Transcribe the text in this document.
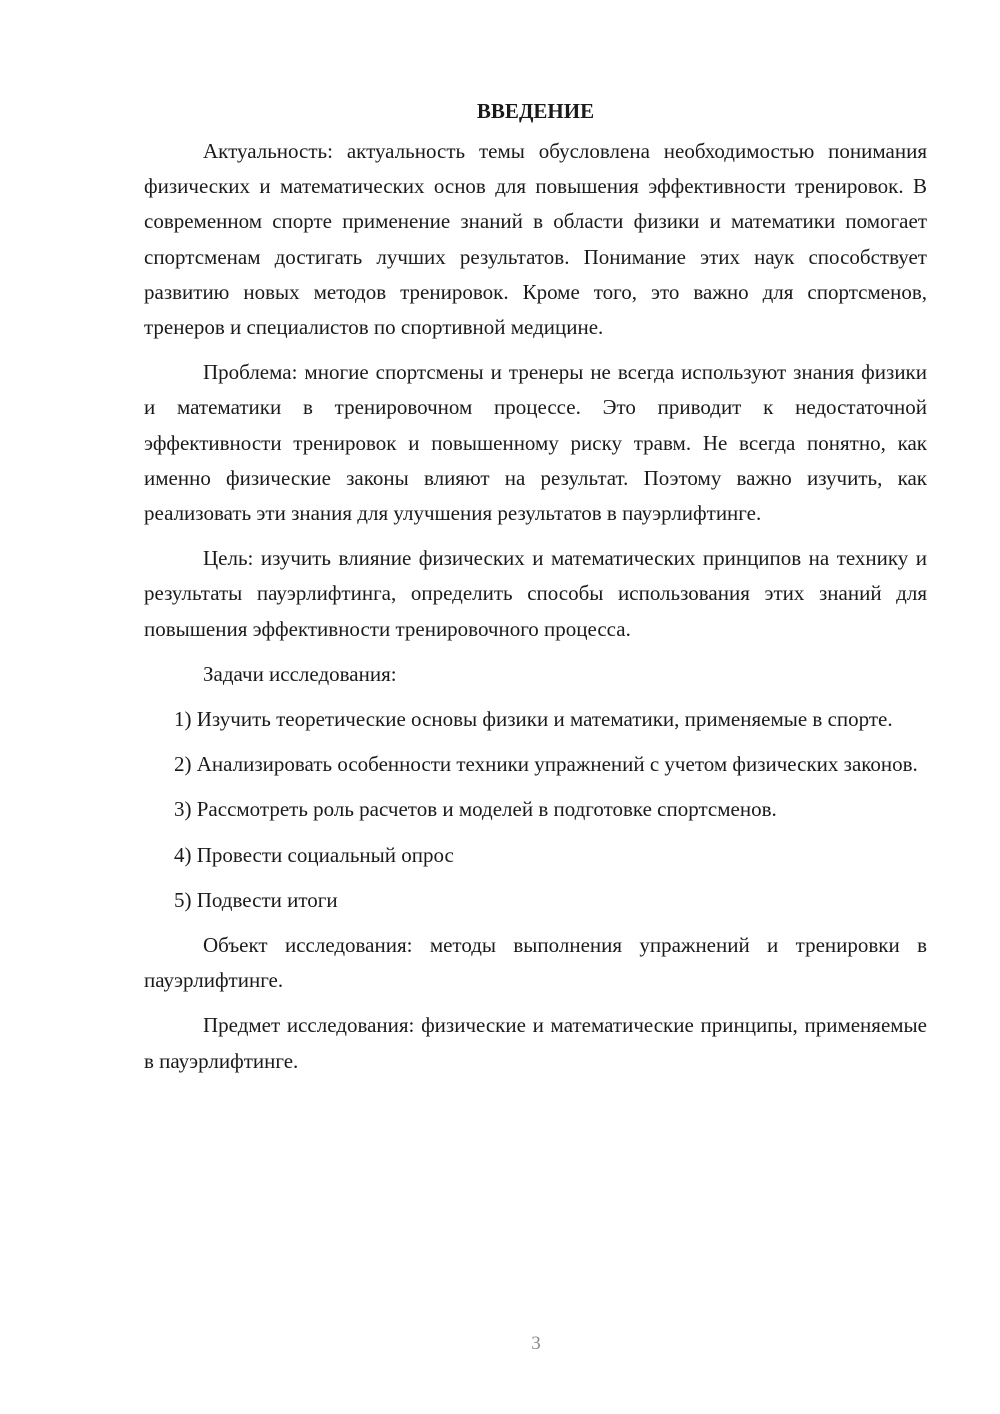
ВВЕДЕНИЕ

Актуальность: актуальность темы обусловлена необходимостью понимания физических и математических основ для повышения эффективности тренировок. В современном спорте применение знаний в области физики и математики помогает спортсменам достигать лучших результатов. Понимание этих наук способствует развитию новых методов тренировок. Кроме того, это важно для спортсменов, тренеров и специалистов по спортивной медицине.

Проблема: многие спортсмены и тренеры не всегда используют знания физики и математики в тренировочном процессе. Это приводит к недостаточной эффективности тренировок и повышенному риску травм. Не всегда понятно, как именно физические законы влияют на результат. Поэтому важно изучить, как реализовать эти знания для улучшения результатов в пауэрлифтинге.

Цель: изучить влияние физических и математических принципов на технику и результаты пауэрлифтинга, определить способы использования этих знаний для повышения эффективности тренировочного процесса.

Задачи исследования:

1) Изучить теоретические основы физики и математики, применяемые в спорте.

2) Анализировать особенности техники упражнений с учетом физических законов.

3) Рассмотреть роль расчетов и моделей в подготовке спортсменов.

4) Провести социальный опрос

5) Подвести итоги

Объект исследования: методы выполнения упражнений и тренировки в пауэрлифтинге.

Предмет исследования: физические и математические принципы, применяемые в пауэрлифтинге.

3
